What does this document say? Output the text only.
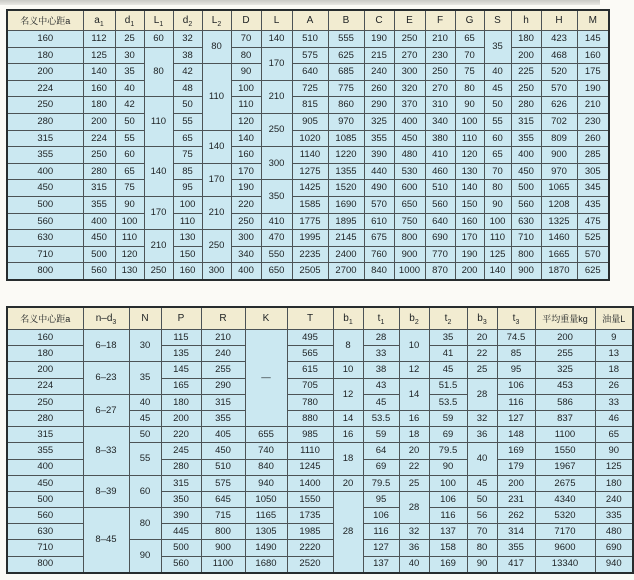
名义中心距a	$a_1$	$d_1$	$L_1$	$d_2$	$L_2$	D	L	A	B	C	E	F	G	S	h	H	M
160	112	25	60	32	80	70	140	510	555	190	250	210	65	35	180	423	145
180	125	30	80	38		80	170	575	625	215	270	230	70		200	468	160
200	140	35		42	110	90		640	685	240	300	250	75	40	225	520	175
224	160	40		48		100	210	725	775	260	320	270	80	45	250	570	190
250	180	42	110	50		110		815	860	290	370	310	90	50	280	626	210
280	200	50		55		120	250	905	970	325	400	340	100	55	315	702	230
315	224	55		65	140	140		1020	1085	355	450	380	110	60	355	809	260
355	250	60	140	75		160	300	1140	1220	390	480	410	120	65	400	900	285
400	280	65		85	170	170		1275	1355	440	530	460	130	70	450	970	305
450	315	75		95		190	350	1425	1520	490	600	510	140	80	500	1065	345
500	355	90	170	100	210	220		1585	1690	570	650	560	150	90	560	1208	435
560	400	100		110		250	410	1775	1895	610	750	640	160	100	630	1325	475
630	450	110	210	130	250	300	470	1995	2145	675	800	690	170	110	710	1460	525
710	500	120		150		340	550	2235	2400	760	900	770	190	125	800	1665	570
800	560	130	250	160	300	400	650	2505	2700	840	1000	870	200	140	900	1870	625
名义中心距a	$n-d_3$	N	P	R	K	T	$b_1$	$t_1$	$b_2$	$t_2$	$b_3$	$t_3$	平均重量kg	油量L
160	6–18	30	115	210	—	495	8	28	10	35	20	74.5	200	9
180			135	240		565		33		41	22	85	255	13
200	6–23	35	145	255		615	10	38	12	45	25	95	325	18
224			165	290		705	12	43	14	51.5	28	106	453	26
250	6–27	40	180	315		780		45		53.5		116	586	33
280		45	200	355		880	14	53.5	16	59	32	127	837	46
315	8–33	50	220	405	655	985	16	59	18	69	36	148	1100	65
355		55	245	450	740	1110	18	64	20	79.5	40	169	1550	90
400			280	510	840	1245		69	22	90		179	1967	125
450	8–39	60	315	575	940	1400	20	79.5	25	100	45	200	2675	180
500			350	645	1050	1550	28	95	28	106	50	231	4340	240
560	8–45	80	390	715	1165	1735		106		116	56	262	5320	335
630			445	800	1305	1985		116	32	137	70	314	7170	480
710		90	500	900	1490	2220		127	36	158	80	355	9600	690
800			560	1100	1680	2520		137	40	169	90	417	13340	940
